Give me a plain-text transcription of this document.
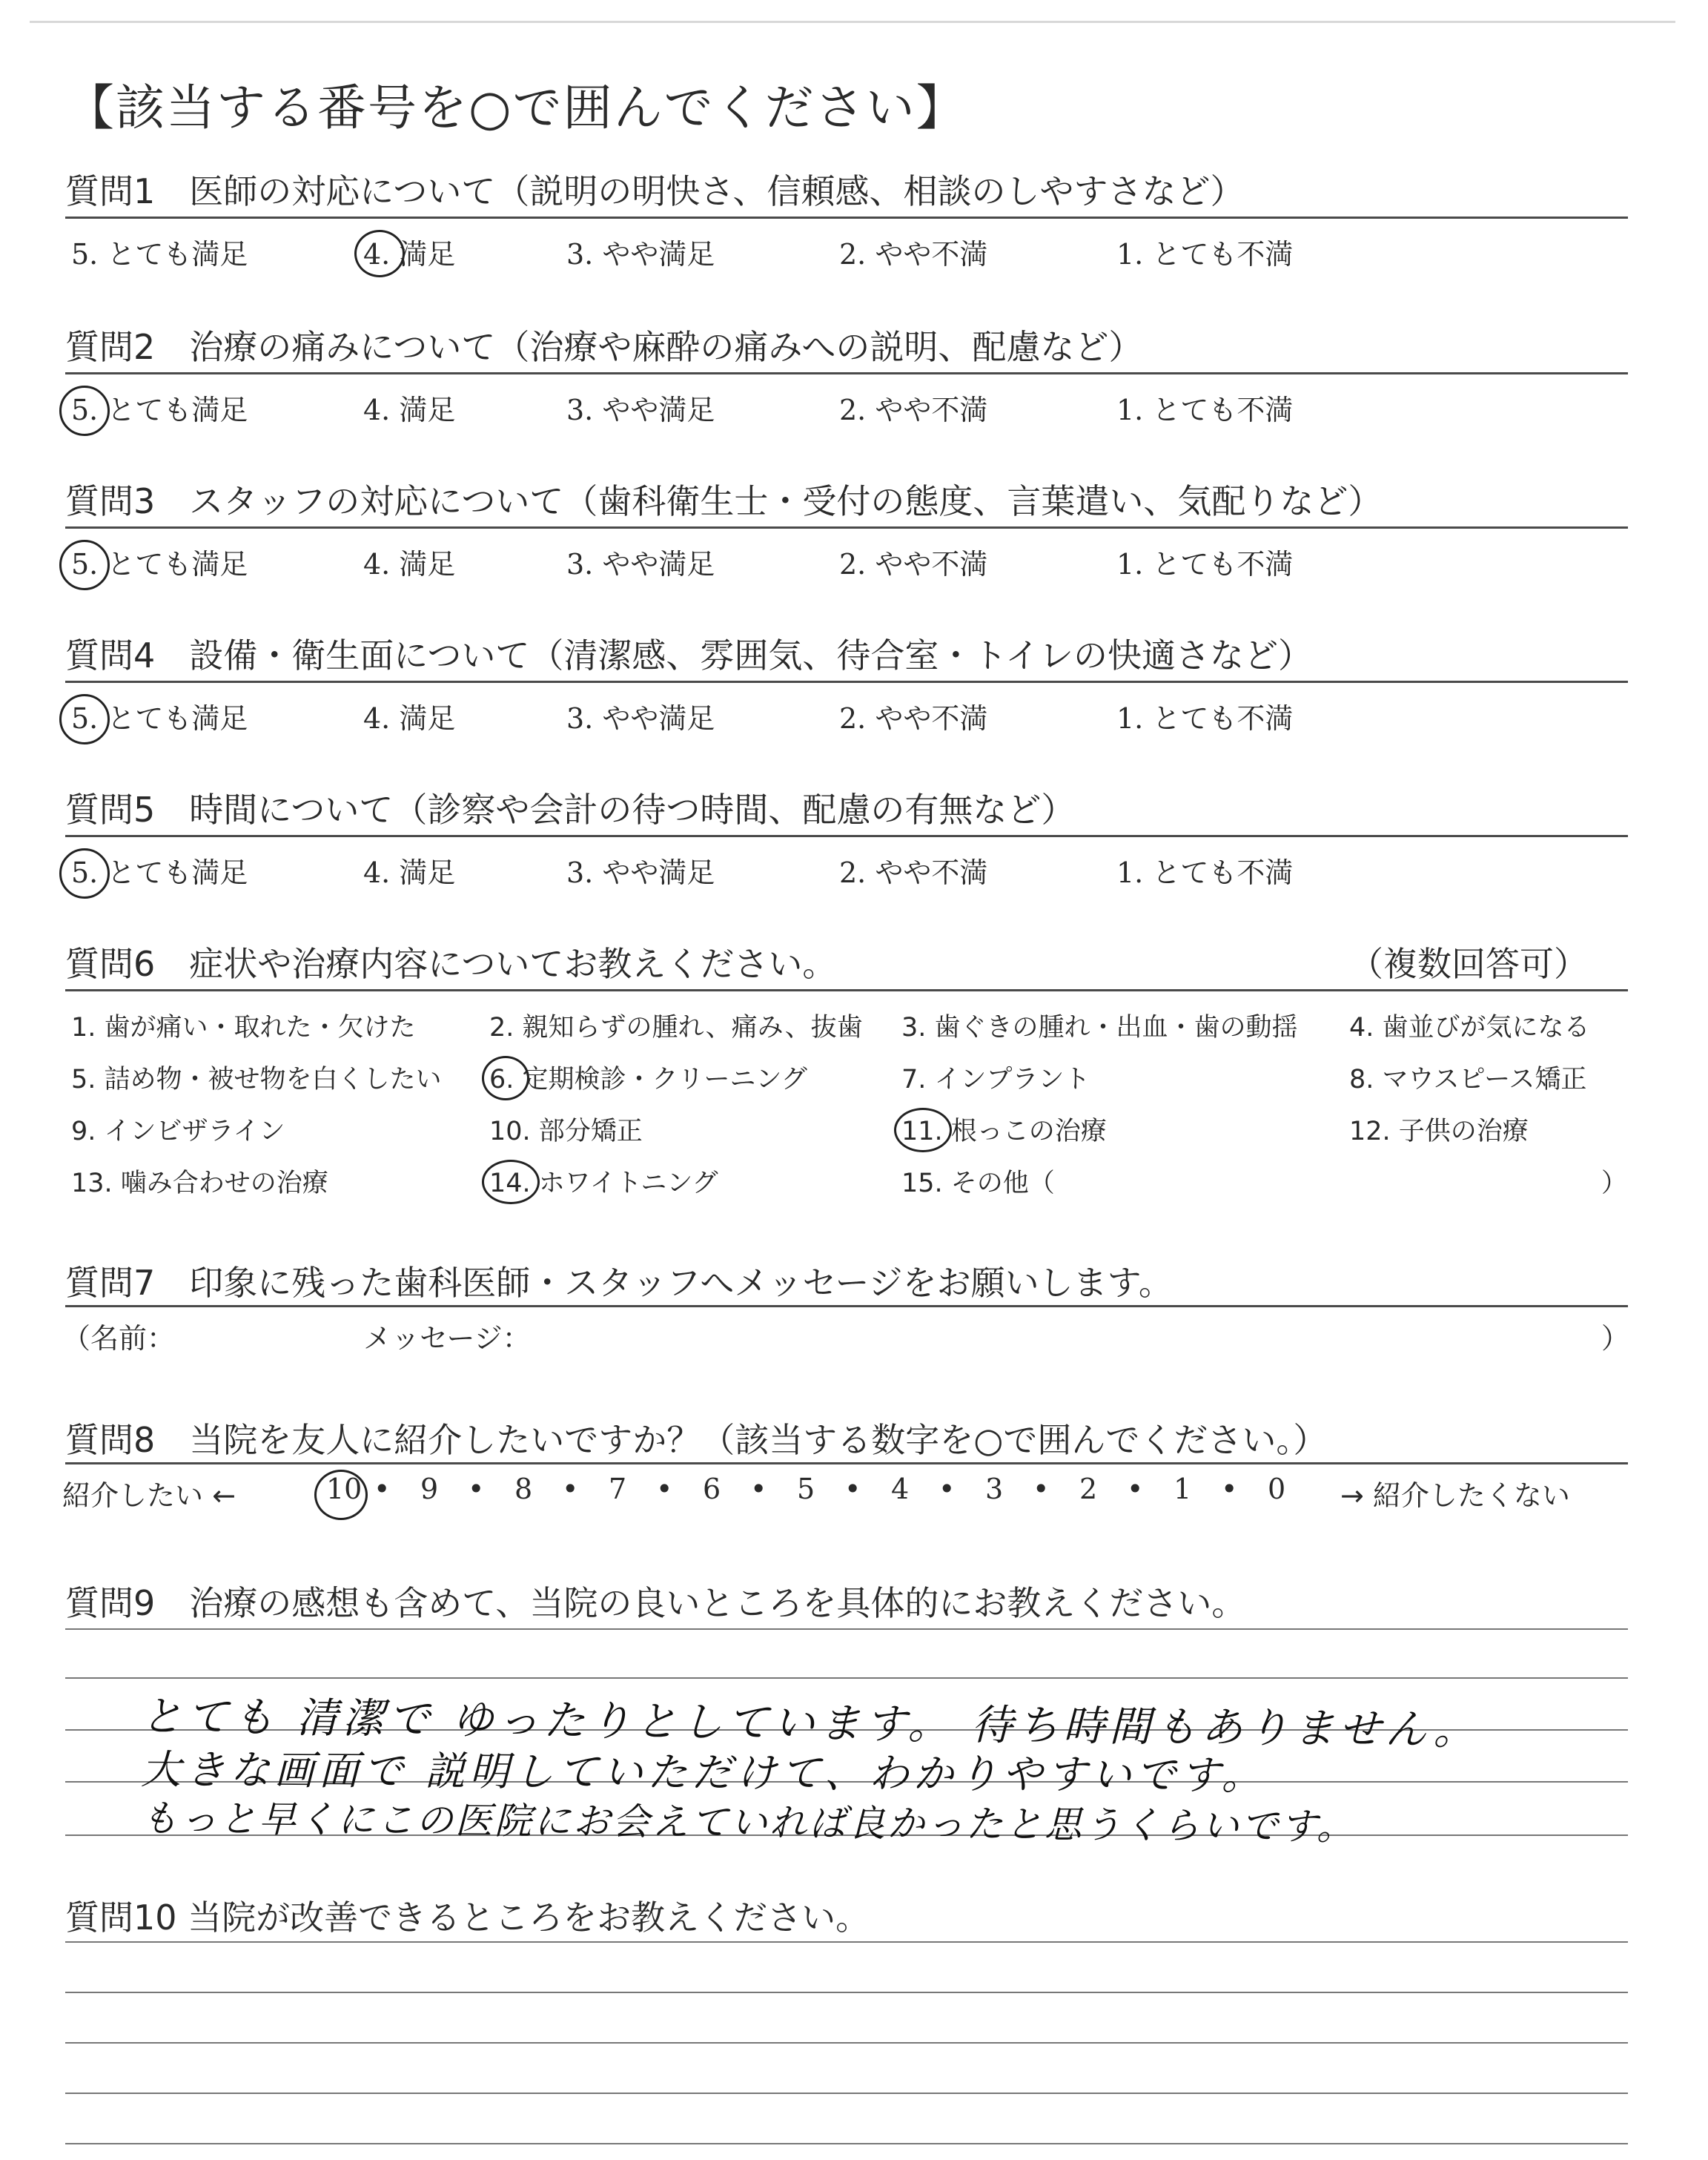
【該当する番号を○で囲んでください】
質問1　医師の対応について（説明の明快さ、信頼感、相談のしやすさなど）
5. とても満足	4. 満足	3. やや満足	2. やや不満	1. とても不満
質問2　治療の痛みについて（治療や麻酔の痛みへの説明、配慮など）
5. とても満足	4. 満足	3. やや満足	2. やや不満	1. とても不満
質問3　スタッフの対応について（歯科衛生士・受付の態度、言葉遣い、気配りなど）
5. とても満足	4. 満足	3. やや満足	2. やや不満	1. とても不満
質問4　設備・衛生面について（清潔感、雰囲気、待合室・トイレの快適さなど）
5. とても満足	4. 満足	3. やや満足	2. やや不満	1. とても不満
質問5　時間について（診察や会計の待つ時間、配慮の有無など）
5. とても満足	4. 満足	3. やや満足	2. やや不満	1. とても不満
質問6　症状や治療内容についてお教えください。	（複数回答可）
1. 歯が痛い・取れた・欠けた	2. 親知らずの腫れ、痛み、抜歯 3. 歯ぐきの腫れ・出血・歯の動揺 4. 歯並びが気になる
5. 詰め物・被せ物を白くしたい 6. 定期検診・クリーニング	7. インプラント	8. マウスピース矯正
9. インビザライン	10. 部分矯正	11. 根っこの治療	12. 子供の治療
13. 噛み合わせの治療	14. ホワイトニング	15. その他（	）
質問7　印象に残った歯科医師・スタッフへメッセージをお願いします。
（名前：	メッセージ：	）
質問8　当院を友人に紹介したいですか？（該当する数字を○で囲んでください。）
紹介したい ←	10 • 9 • 8 • 7 • 6 • 5 • 4 • 3 • 2 • 1 • 0 → 紹介したくない
質問9　治療の感想も含めて、当院の良いところを具体的にお教えください。
とても 清潔で ゆったりとしています。 待ち時間もありません。
大きな画面で 説明していただけて、わかりやすいです。
もっと早くにこの医院にお会えていれば良かったと思うくらいです。
質問10 当院が改善できるところをお教えください。
